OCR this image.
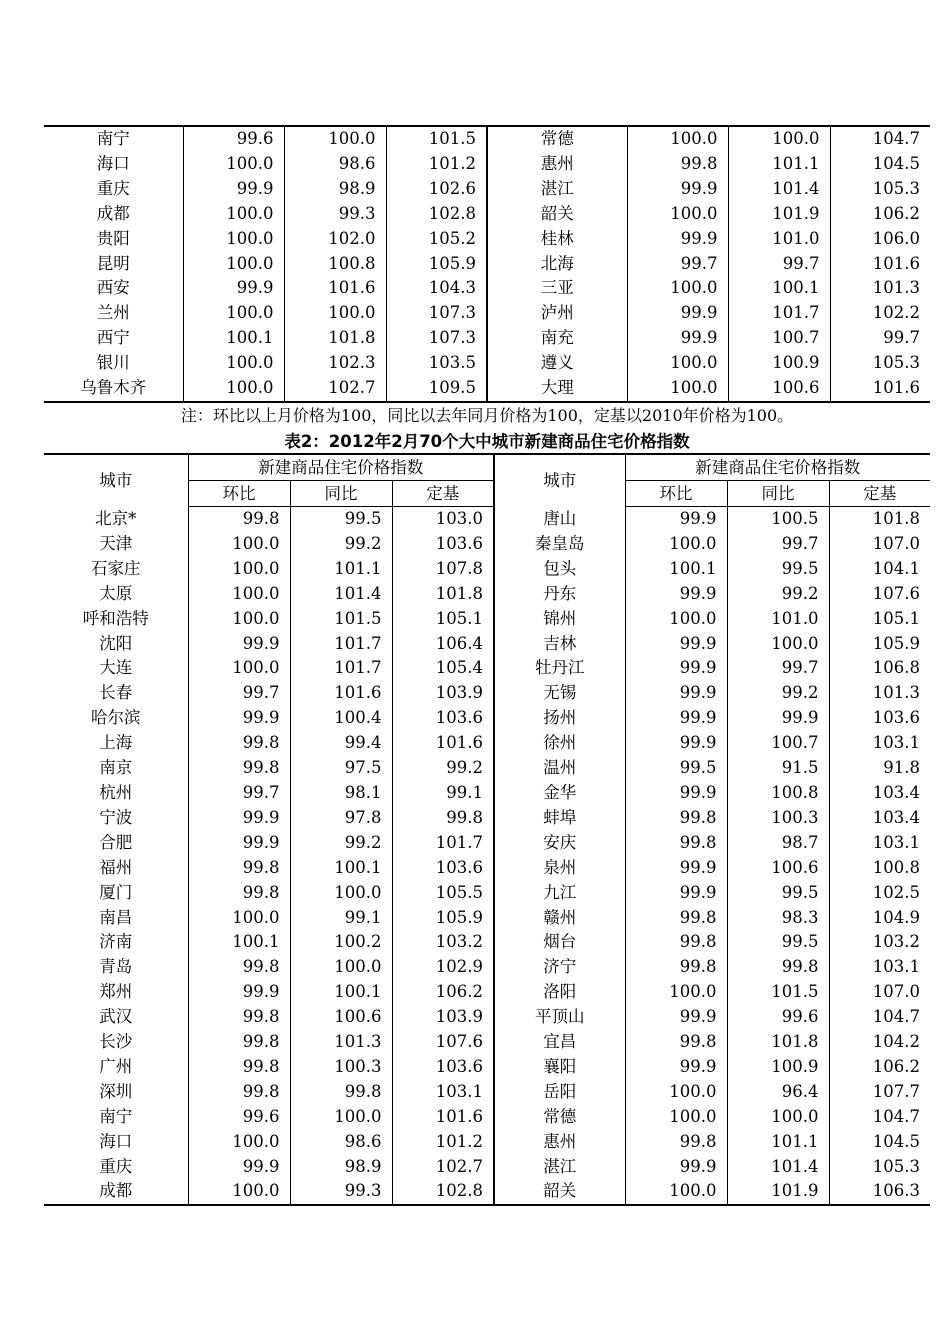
南宁	99.6	100.0	101.5	常德	100.0	100.0	104.7
海口	100.0	98.6	101.2	惠州	99.8	101.1	104.5
重庆	99.9	98.9	102.6	湛江	99.9	101.4	105.3
成都	100.0	99.3	102.8	韶关	100.0	101.9	106.2
贵阳	100.0	102.0	105.2	桂林	99.9	101.0	106.0
昆明	100.0	100.8	105.9	北海	99.7	99.7	101.6
西安	99.9	101.6	104.3	三亚	100.0	100.1	101.3
兰州	100.0	100.0	107.3	泸州	99.9	101.7	102.2
西宁	100.1	101.8	107.3	南充	99.9	100.7	99.7
银川	100.0	102.3	103.5	遵义	100.0	100.9	105.3
乌鲁木齐	100.0	102.7	109.5	大理	100.0	100.6	101.6
注：环比以上月价格为100，同比以去年同月价格为100，定基以2010年价格为100。
表2：2012年2月70个大中城市新建商品住宅价格指数
城市	新建商品住宅价格指数			城市	新建商品住宅价格指数		
	环比	同比	定基		环比	同比	定基
北京*	99.8	99.5	103.0	唐山	99.9	100.5	101.8
天津	100.0	99.2	103.6	秦皇岛	100.0	99.7	107.0
石家庄	100.0	101.1	107.8	包头	100.1	99.5	104.1
太原	100.0	101.4	101.8	丹东	99.9	99.2	107.6
呼和浩特	100.0	101.5	105.1	锦州	100.0	101.0	105.1
沈阳	99.9	101.7	106.4	吉林	99.9	100.0	105.9
大连	100.0	101.7	105.4	牡丹江	99.9	99.7	106.8
长春	99.7	101.6	103.9	无锡	99.9	99.2	101.3
哈尔滨	99.9	100.4	103.6	扬州	99.9	99.9	103.6
上海	99.8	99.4	101.6	徐州	99.9	100.7	103.1
南京	99.8	97.5	99.2	温州	99.5	91.5	91.8
杭州	99.7	98.1	99.1	金华	99.9	100.8	103.4
宁波	99.9	97.8	99.8	蚌埠	99.8	100.3	103.4
合肥	99.9	99.2	101.7	安庆	99.8	98.7	103.1
福州	99.8	100.1	103.6	泉州	99.9	100.6	100.8
厦门	99.8	100.0	105.5	九江	99.9	99.5	102.5
南昌	100.0	99.1	105.9	赣州	99.8	98.3	104.9
济南	100.1	100.2	103.2	烟台	99.8	99.5	103.2
青岛	99.8	100.0	102.9	济宁	99.8	99.8	103.1
郑州	99.9	100.1	106.2	洛阳	100.0	101.5	107.0
武汉	99.8	100.6	103.9	平顶山	99.9	99.6	104.7
长沙	99.8	101.3	107.6	宜昌	99.8	101.8	104.2
广州	99.8	100.3	103.6	襄阳	99.9	100.9	106.2
深圳	99.8	99.8	103.1	岳阳	100.0	96.4	107.7
南宁	99.6	100.0	101.6	常德	100.0	100.0	104.7
海口	100.0	98.6	101.2	惠州	99.8	101.1	104.5
重庆	99.9	98.9	102.7	湛江	99.9	101.4	105.3
成都	100.0	99.3	102.8	韶关	100.0	101.9	106.3
